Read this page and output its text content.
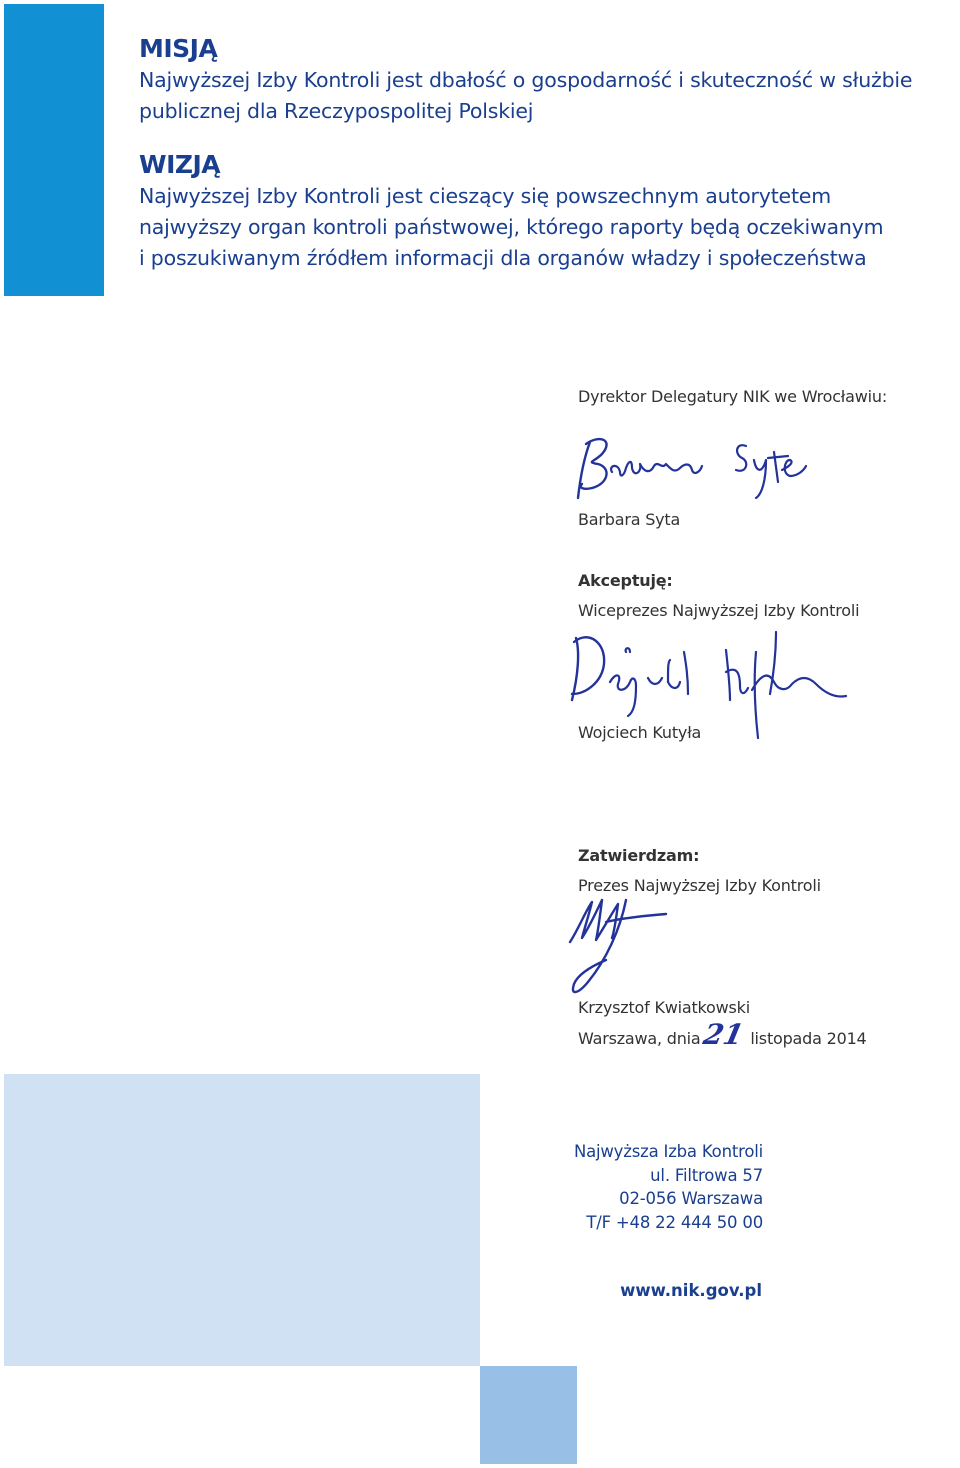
MISJĄ
Najwyższej Izby Kontroli jest dbałość o gospodarność i skuteczność w służbie
publicznej dla Rzeczypospolitej Polskiej
WIZJĄ
Najwyższej Izby Kontroli jest cieszący się powszechnym autorytetem
najwyższy organ kontroli państwowej, którego raporty będą oczekiwanym
i poszukiwanym źródłem informacji dla organów władzy i społeczeństwa
Dyrektor Delegatury NIK we Wrocławiu:
Barbara Syta
Akceptuję:
Wiceprezes Najwyższej Izby Kontroli
Wojciech Kutyła
Zatwierdzam:
Prezes Najwyższej Izby Kontroli
Krzysztof Kwiatkowski
Warszawa, dnia	listopada 2014
21
Najwyższa Izba Kontroli
ul. Filtrowa 57
02-056 Warszawa
T/F +48 22 444 50 00
www.nik.gov.pl
